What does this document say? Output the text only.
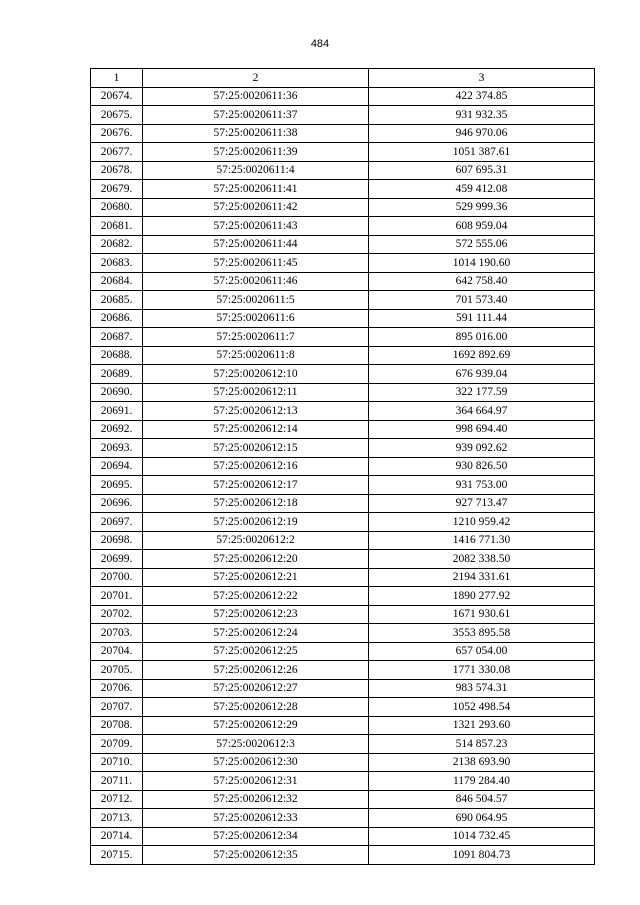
484
1	2	3
20674.	57:25:0020611:36	422 374.85
20675.	57:25:0020611:37	931 932.35
20676.	57:25:0020611:38	946 970.06
20677.	57:25:0020611:39	1051 387.61
20678.	57:25:0020611:4	607 695.31
20679.	57:25:0020611:41	459 412.08
20680.	57:25:0020611:42	529 999.36
20681.	57:25:0020611:43	608 959.04
20682.	57:25:0020611:44	572 555.06
20683.	57:25:0020611:45	1014 190.60
20684.	57:25:0020611:46	642 758.40
20685.	57:25:0020611:5	701 573.40
20686.	57:25:0020611:6	591 111.44
20687.	57:25:0020611:7	895 016.00
20688.	57:25:0020611:8	1692 892.69
20689.	57:25:0020612:10	676 939.04
20690.	57:25:0020612:11	322 177.59
20691.	57:25:0020612:13	364 664.97
20692.	57:25:0020612:14	998 694.40
20693.	57:25:0020612:15	939 092.62
20694.	57:25:0020612:16	930 826.50
20695.	57:25:0020612:17	931 753.00
20696.	57:25:0020612:18	927 713.47
20697.	57:25:0020612:19	1210 959.42
20698.	57:25:0020612:2	1416 771.30
20699.	57:25:0020612:20	2082 338.50
20700.	57:25:0020612:21	2194 331.61
20701.	57:25:0020612:22	1890 277.92
20702.	57:25:0020612:23	1671 930.61
20703.	57:25:0020612:24	3553 895.58
20704.	57:25:0020612:25	657 054.00
20705.	57:25:0020612:26	1771 330.08
20706.	57:25:0020612:27	983 574.31
20707.	57:25:0020612:28	1052 498.54
20708.	57:25:0020612:29	1321 293.60
20709.	57:25:0020612:3	514 857.23
20710.	57:25:0020612:30	2138 693.90
20711.	57:25:0020612:31	1179 284.40
20712.	57:25:0020612:32	846 504.57
20713.	57:25:0020612:33	690 064.95
20714.	57:25:0020612:34	1014 732.45
20715.	57:25:0020612:35	1091 804.73
